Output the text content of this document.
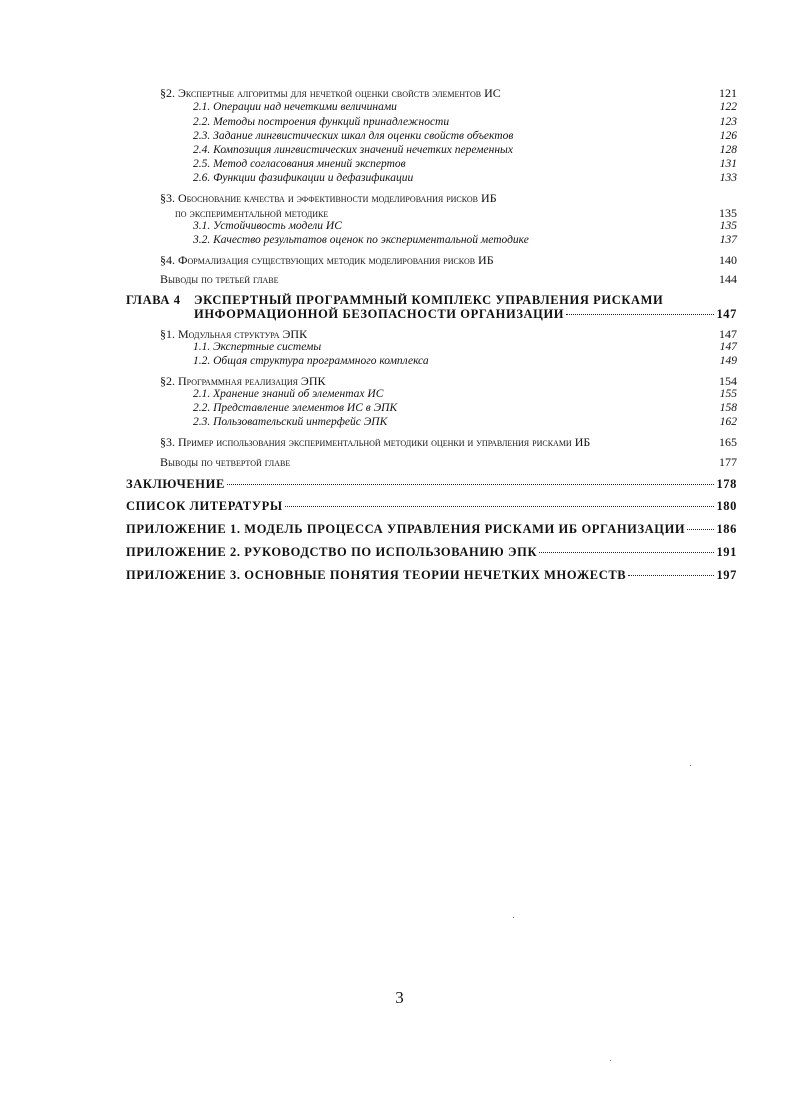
§2. Экспертные алгоритмы для нечеткой оценки свойств элементов ИС	121
2.1. Операции над нечеткими величинами	122
2.2. Методы построения функций принадлежности	123
2.3. Задание лингвистических шкал для оценки свойств объектов	126
2.4. Композиция лингвистических значений нечетких переменных	128
2.5. Метод согласования мнений экспертов	131
2.6. Функции фазификации и дефазификации	133
§3. Обоснование качества и эффективности моделирования рисков ИБ
по экспериментальной методике	135
3.1. Устойчивость модели ИС	135
3.2. Качество результатов оценок по экспериментальной методике	137
§4. Формализация существующих методик моделирования рисков ИБ	140
Выводы по третьей главе	144
ГЛАВА 4	ЭКСПЕРТНЫЙ ПРОГРАММНЫЙ КОМПЛЕКС УПРАВЛЕНИЯ РИСКАМИ
ИНФОРМАЦИОННОЙ БЕЗОПАСНОСТИ ОРГАНИЗАЦИИ	147
§1. Модульная структура ЭПК	147
1.1. Экспертные системы	147
1.2. Общая структура программного комплекса	149
§2. Программная реализация ЭПК	154
2.1. Хранение знаний об элементах ИС	155
2.2. Представление элементов ИС в ЭПК	158
2.3. Пользовательский интерфейс ЭПК	162
§3. Пример использования экспериментальной методики оценки и управления рисками ИБ	165
Выводы по четвертой главе	177
ЗАКЛЮЧЕНИЕ	178
СПИСОК ЛИТЕРАТУРЫ	180
ПРИЛОЖЕНИЕ 1. МОДЕЛЬ ПРОЦЕССА УПРАВЛЕНИЯ РИСКАМИ ИБ ОРГАНИЗАЦИИ 186
ПРИЛОЖЕНИЕ 2. РУКОВОДСТВО ПО ИСПОЛЬЗОВАНИЮ ЭПК	191
ПРИЛОЖЕНИЕ 3. ОСНОВНЫЕ ПОНЯТИЯ ТЕОРИИ НЕЧЕТКИХ МНОЖЕСТВ	197
3
